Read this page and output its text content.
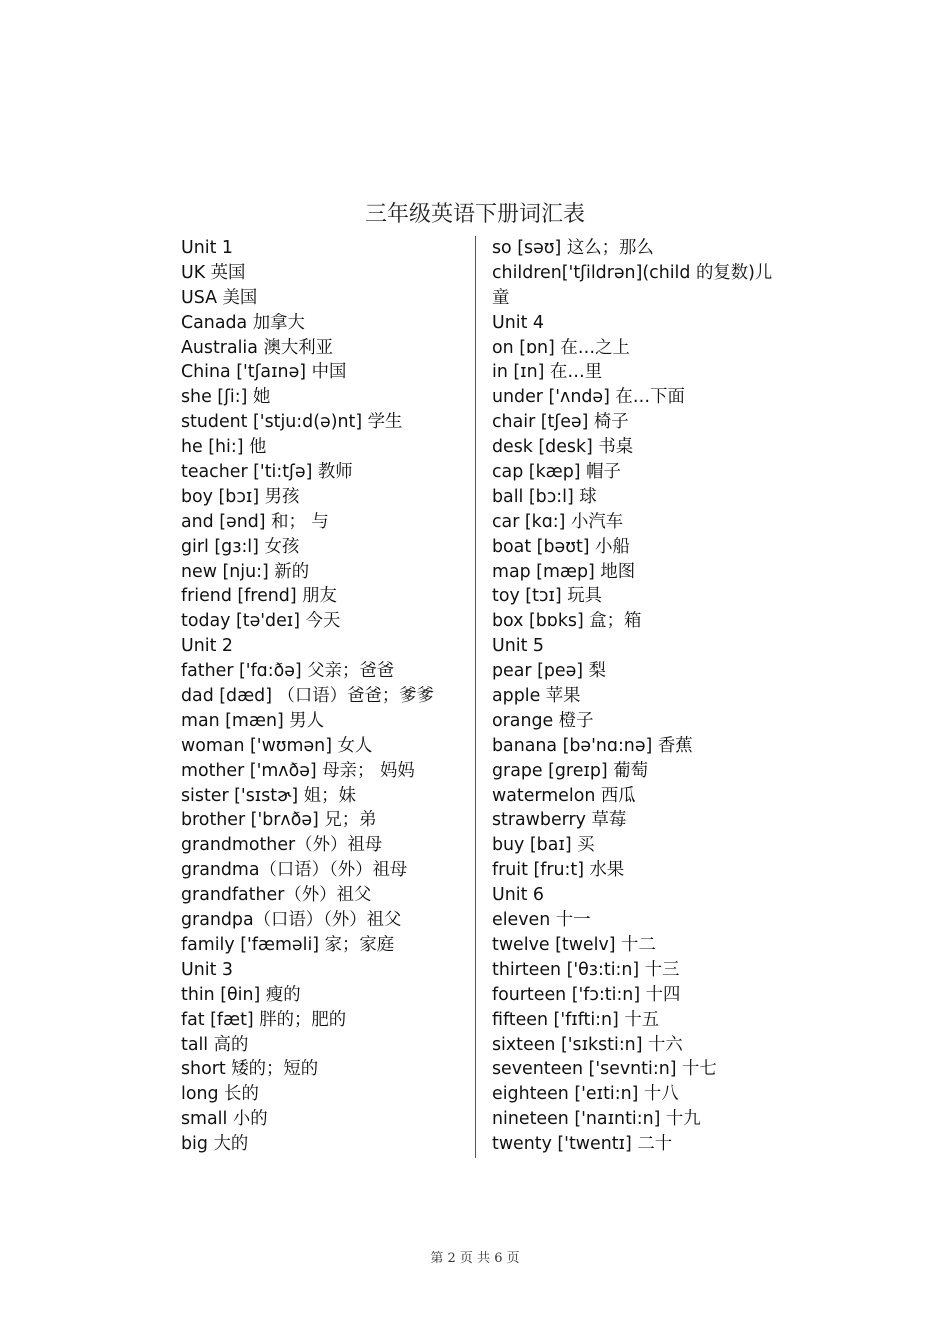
三年级英语下册词汇表
Unit 1
UK 英国
USA 美国
Canada 加拿大
Australia 澳大利亚
China ['tʃaɪnə] 中国
she [ʃi:] 她
student ['stju:d(ə)nt] 学生
he [hi:] 他
teacher ['ti:tʃə] 教师
boy [bɔɪ] 男孩
and [ənd] 和； 与
girl [gɜ:l] 女孩
new [nju:] 新的
friend [frend] 朋友
today [tə'deɪ] 今天
Unit 2
father ['fɑ:ðə] 父亲；爸爸
dad [dæd] （口语）爸爸；爹爹
man [mæn] 男人
woman ['wʊmən] 女人
mother ['mʌðə] 母亲； 妈妈
sister ['sɪstɚ] 姐；妹
brother ['brʌðə] 兄；弟
grandmother（外）祖母
grandma（口语）（外）祖母
grandfather（外）祖父
grandpa（口语）（外）祖父
family ['fæməli] 家；家庭
Unit 3
thin [θin] 瘦的
fat [fæt] 胖的；肥的
tall 高的
short 矮的；短的
long 长的
small 小的
big 大的
so [səʊ] 这么；那么
children['tʃildrən](child 的复数)儿
童
Unit 4
on [ɒn] 在…之上
in [ɪn] 在…里
under ['ʌndə] 在…下面
chair [tʃeə] 椅子
desk [desk] 书桌
cap [kæp] 帽子
ball [bɔ:l] 球
car [kɑ:] 小汽车
boat [bəʊt] 小船
map [mæp] 地图
toy [tɔɪ] 玩具
box [bɒks] 盒；箱
Unit 5
pear [peə] 梨
apple 苹果
orange 橙子
banana [bə'nɑ:nə] 香蕉
grape [greɪp] 葡萄
watermelon 西瓜
strawberry 草莓
buy [baɪ] 买
fruit [fru:t] 水果
Unit 6
eleven 十一
twelve [twelv] 十二
thirteen ['θɜ:ti:n] 十三
fourteen ['fɔ:ti:n] 十四
fifteen ['fɪfti:n] 十五
sixteen ['sɪksti:n] 十六
seventeen ['sevnti:n] 十七
eighteen ['eɪti:n] 十八
nineteen ['naɪnti:n] 十九
twenty ['twentɪ] 二十
第 2 页 共 6 页
